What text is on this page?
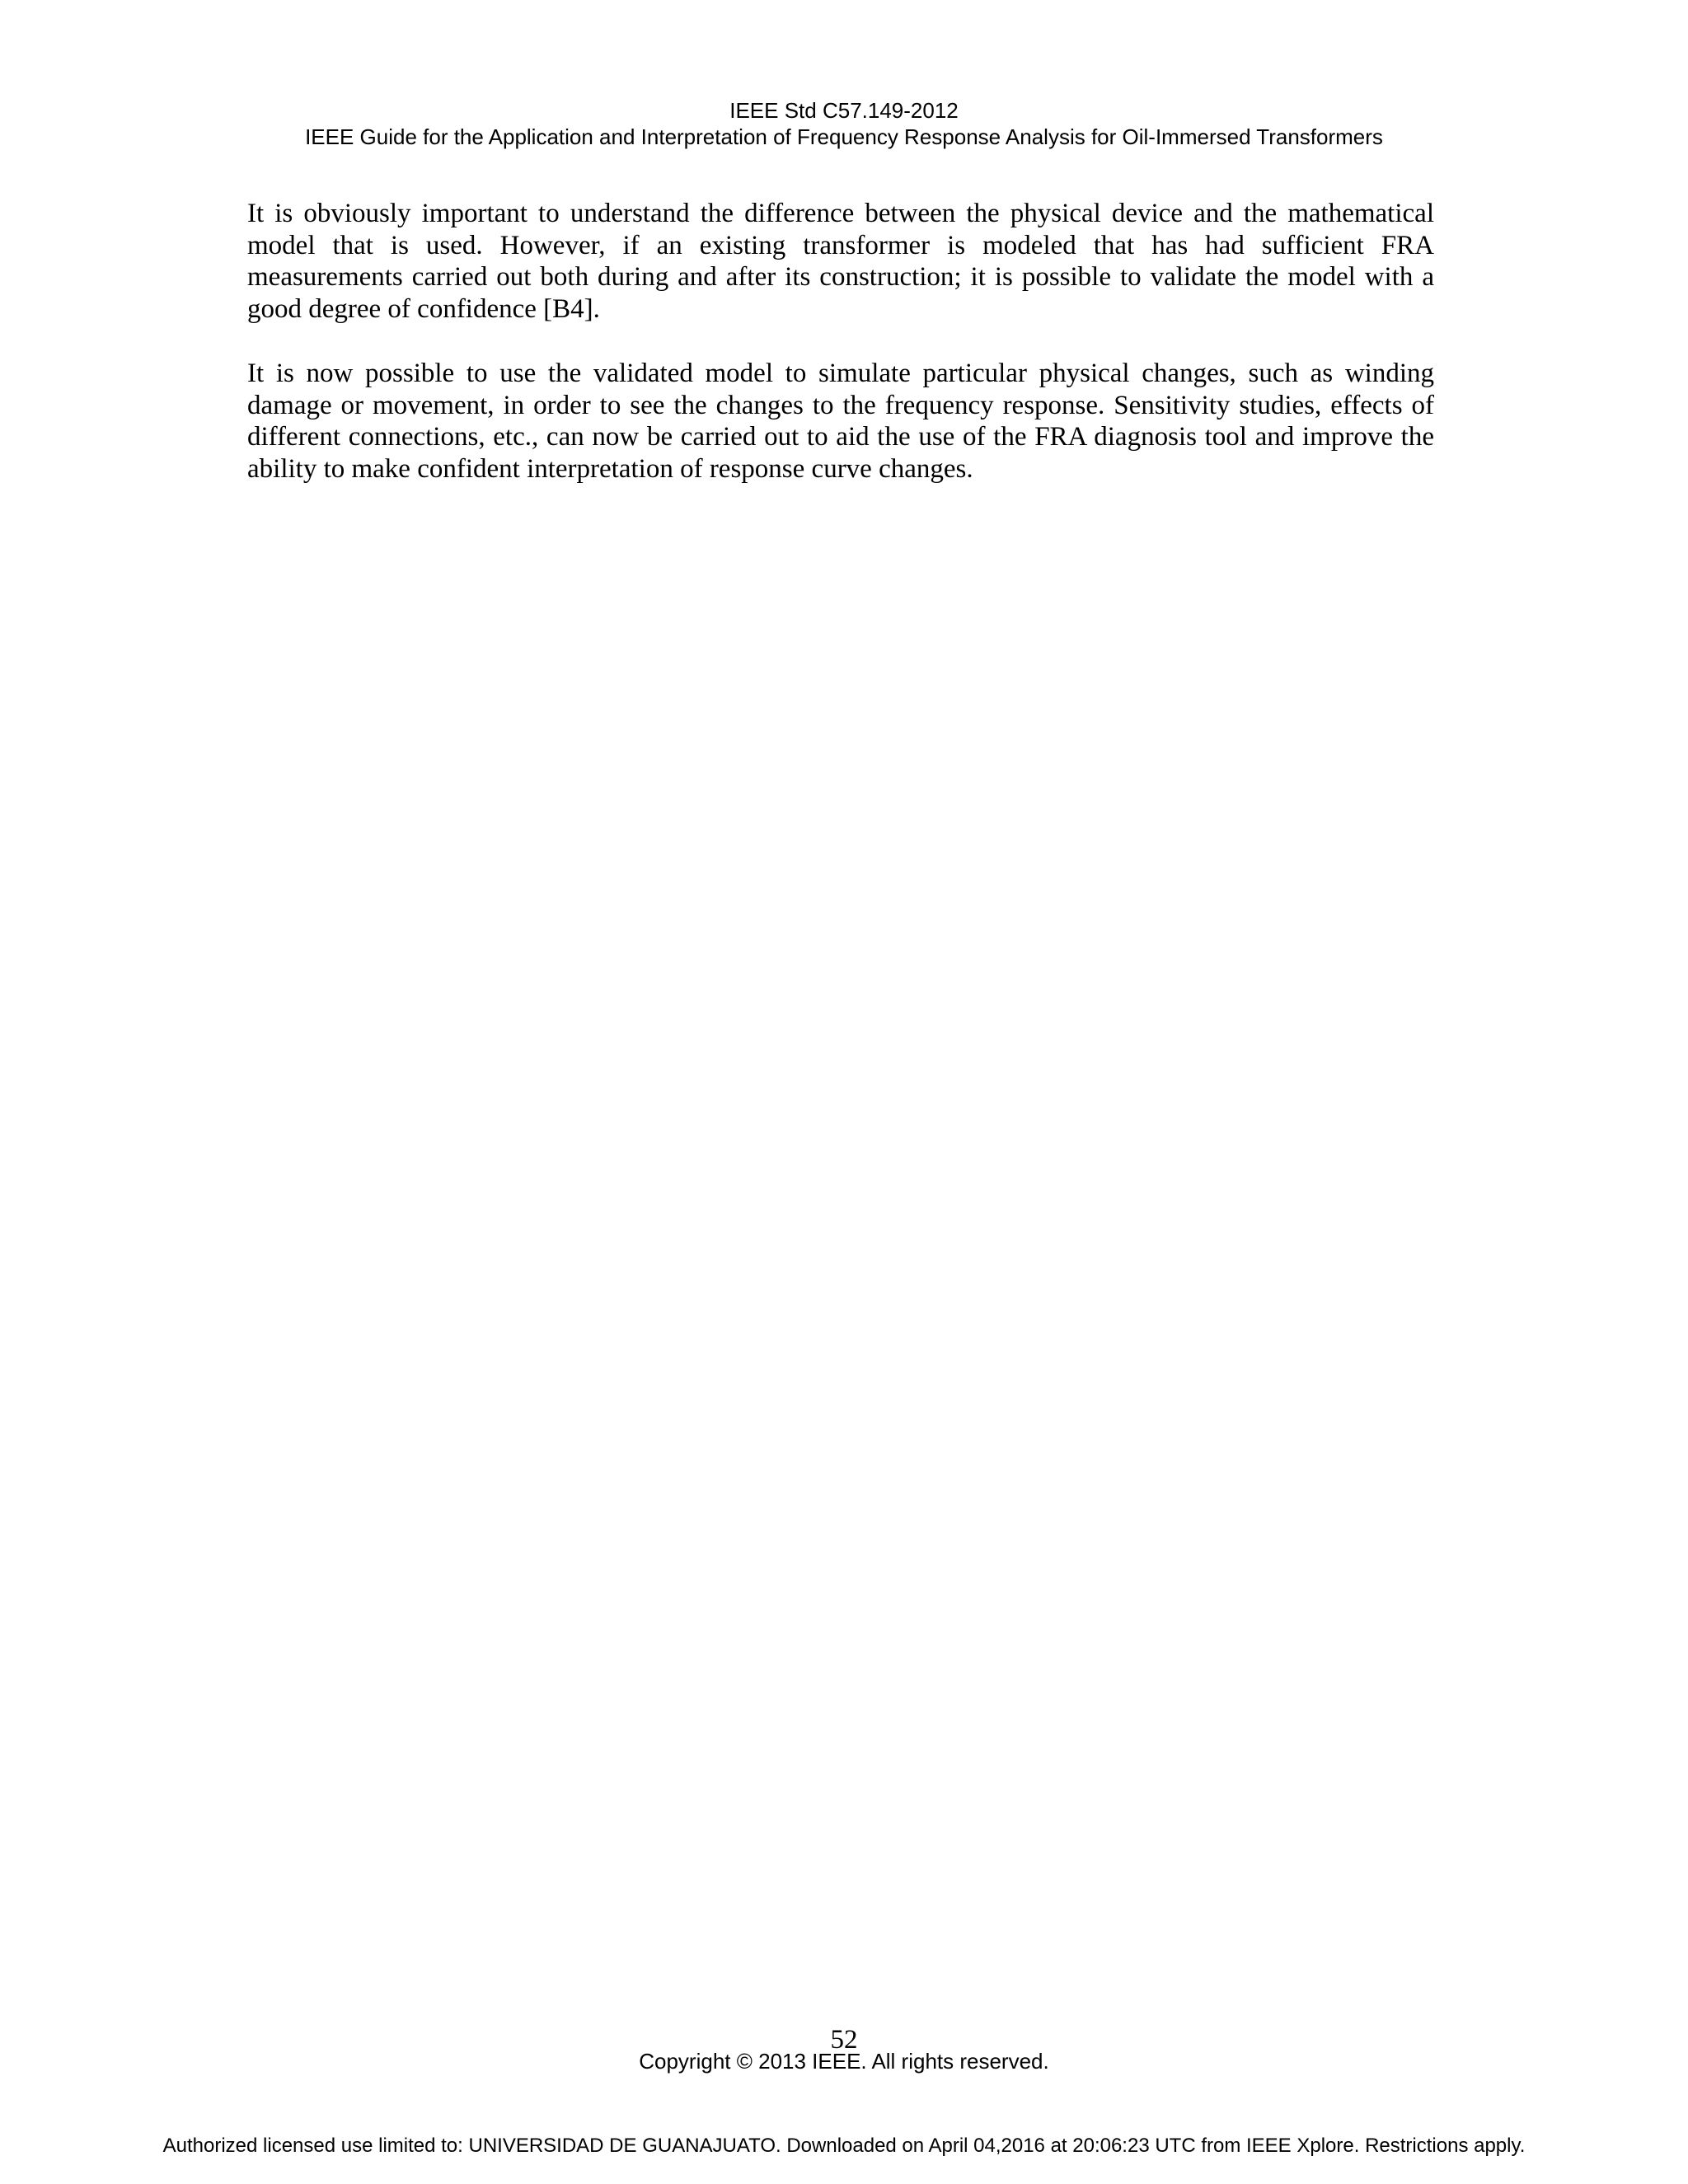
IEEE Std C57.149-2012
IEEE Guide for the Application and Interpretation of Frequency Response Analysis for Oil-Immersed Transformers

It is obviously important to understand the difference between the physical device and the mathematical model that is used. However, if an existing transformer is modeled that has had sufficient FRA measurements carried out both during and after its construction; it is possible to validate the model with a good degree of confidence [B4].

It is now possible to use the validated model to simulate particular physical changes, such as winding damage or movement, in order to see the changes to the frequency response. Sensitivity studies, effects of different connections, etc., can now be carried out to aid the use of the FRA diagnosis tool and improve the ability to make confident interpretation of response curve changes.

52
Copyright © 2013 IEEE. All rights reserved.
Authorized licensed use limited to: UNIVERSIDAD DE GUANAJUATO. Downloaded on April 04,2016 at 20:06:23 UTC from IEEE Xplore. Restrictions apply.
